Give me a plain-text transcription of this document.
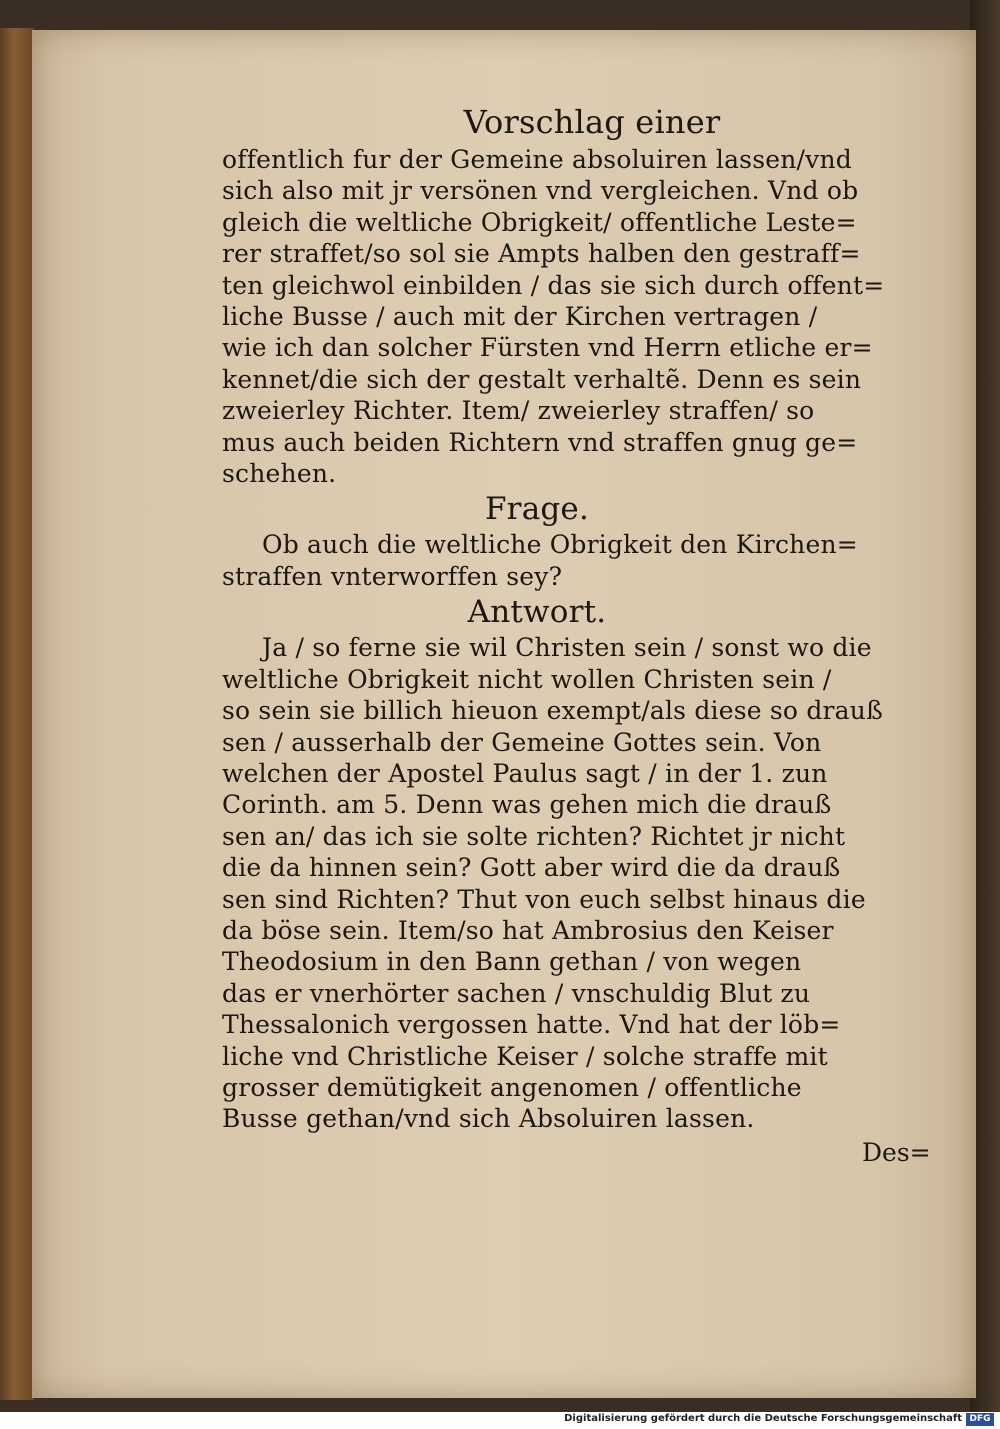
Vorschlag einer
offentlich fur der Gemeine absoluiren lassen/vnd
sich also mit jr versönen vnd vergleichen. Vnd ob
gleich die weltliche Obrigkeit/ offentliche Leste=
rer straffet/so sol sie Ampts halben den gestraff=
ten gleichwol einbilden / das sie sich durch offent=
liche Busse / auch mit der Kirchen vertragen /
wie ich dan solcher Fürsten vnd Herrn etliche er=
kennet/die sich der gestalt verhaltẽ. Denn es sein
zweierley Richter. Item/ zweierley straffen/ so
mus auch beiden Richtern vnd straffen gnug ge=
schehen.
Frage.
Ob auch die weltliche Obrigkeit den Kirchen=
straffen vnterworffen sey?
Antwort.
Ja / so ferne sie wil Christen sein / sonst wo die
weltliche Obrigkeit nicht wollen Christen sein /
so sein sie billich hieuon exempt/als diese so drauß
sen / ausserhalb der Gemeine Gottes sein. Von
welchen der Apostel Paulus sagt / in der 1. zun
Corinth. am 5. Denn was gehen mich die drauß
sen an/ das ich sie solte richten? Richtet jr nicht
die da hinnen sein? Gott aber wird die da drauß
sen sind Richten? Thut von euch selbst hinaus die
da böse sein. Item/so hat Ambrosius den Keiser
Theodosium in den Bann gethan / von wegen
das er vnerhörter sachen / vnschuldig Blut zu
Thessalonich vergossen hatte. Vnd hat der löb=
liche vnd Christliche Keiser / solche straffe mit
grosser demütigkeit angenomen / offentliche
Busse gethan/vnd sich Absoluiren lassen.
Des=
Digitalisierung gefördert durch die Deutsche Forschungsgemeinschaft DFG
